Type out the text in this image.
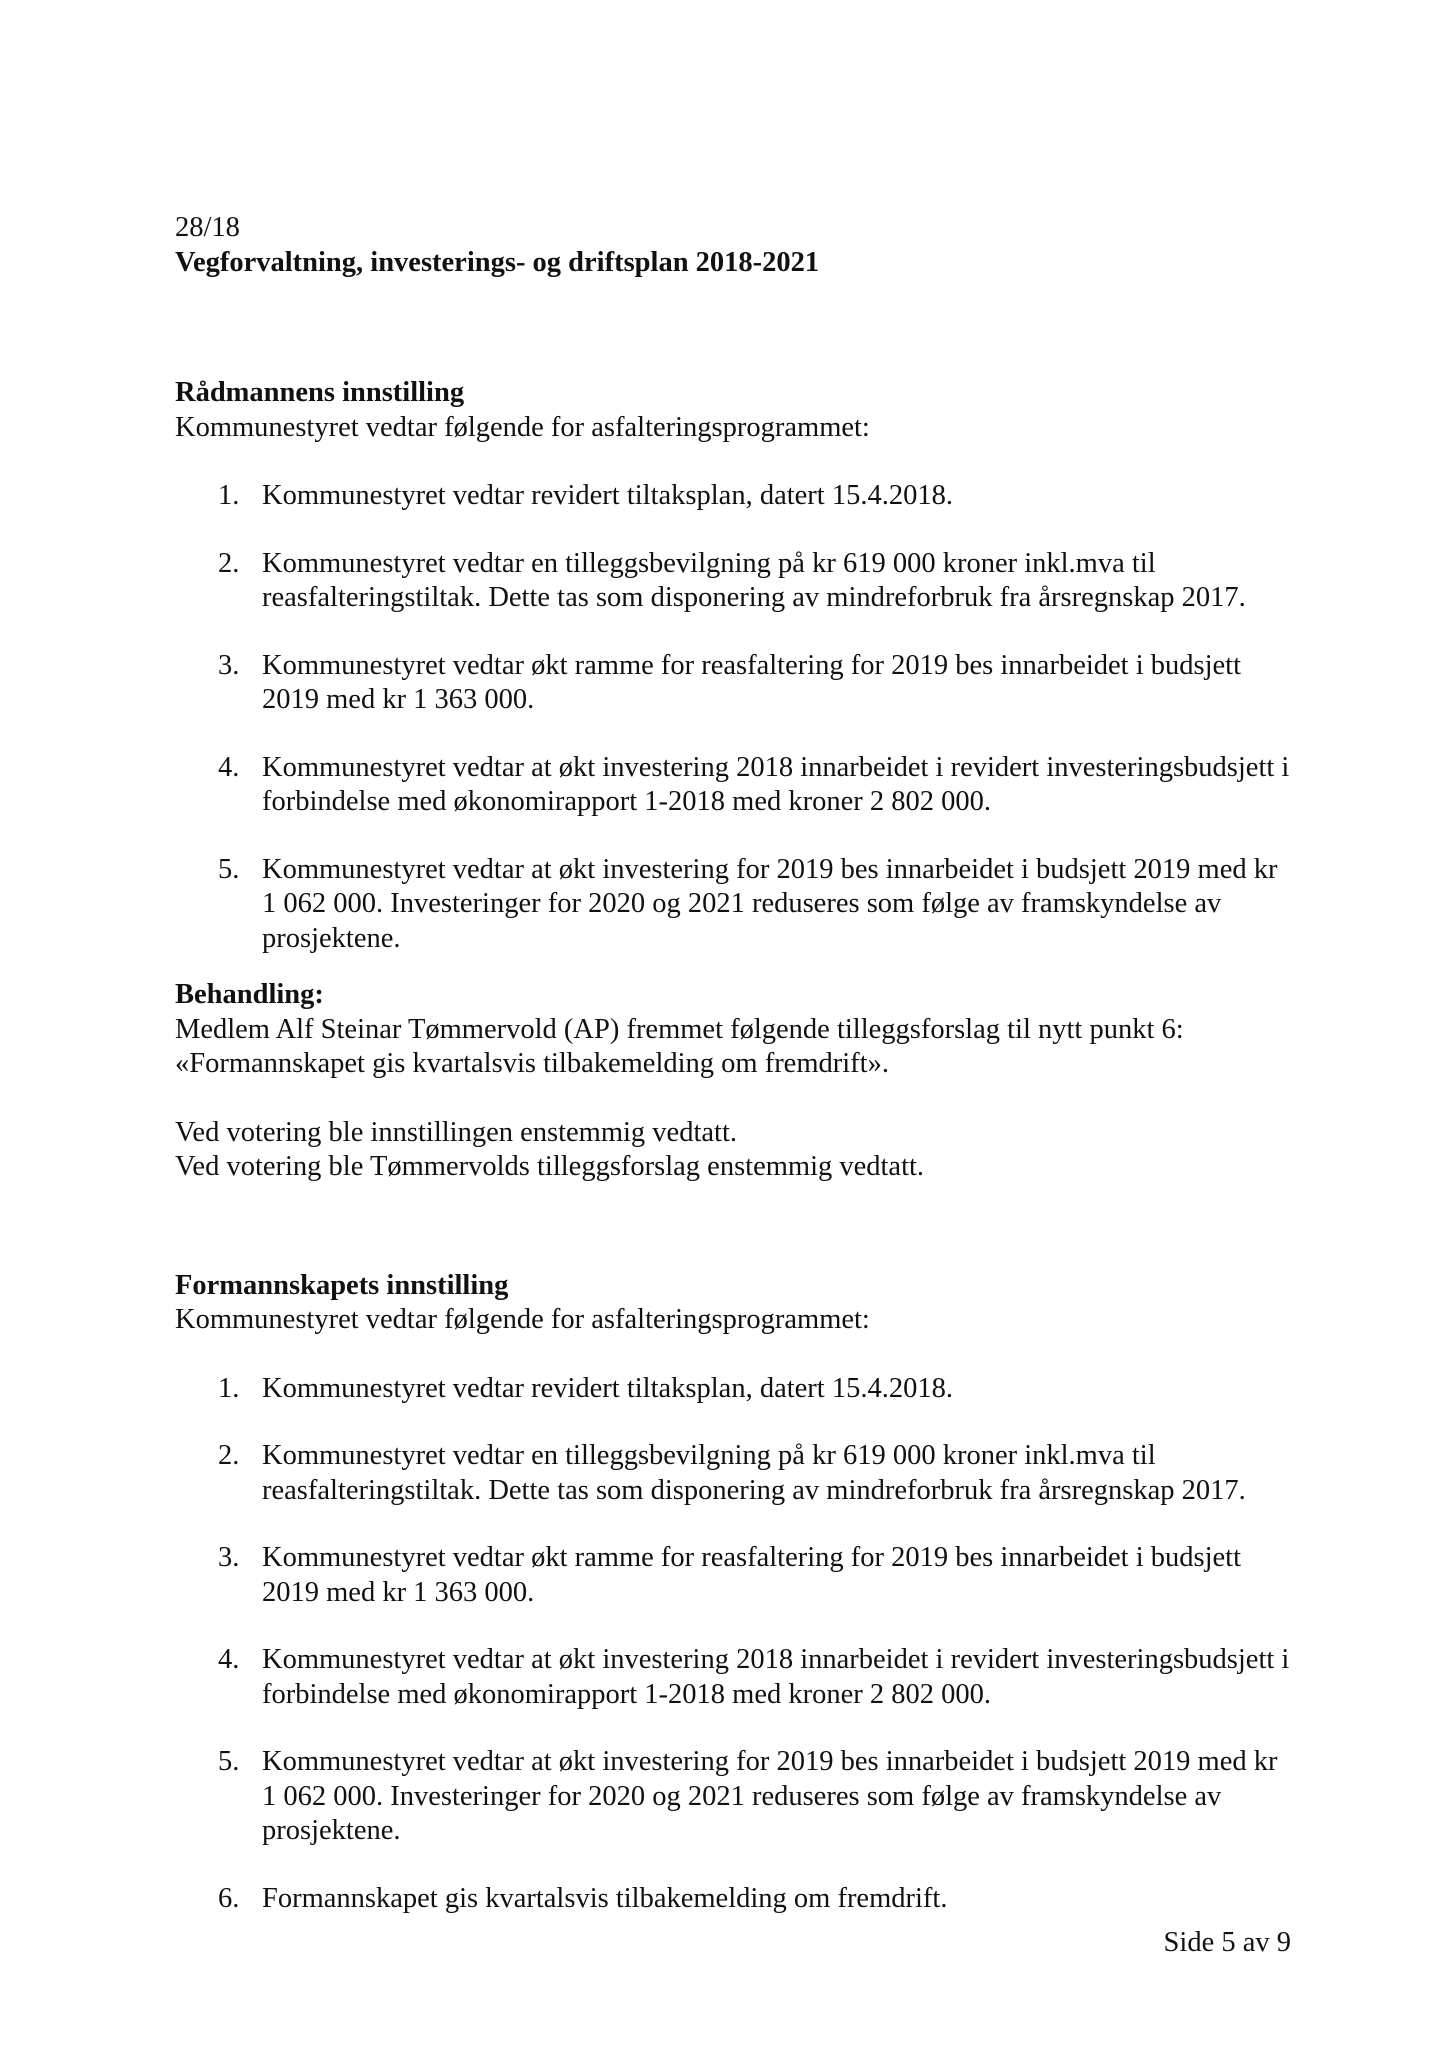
28/18

Vegforvaltning, investerings- og driftsplan 2018-2021

Rådmannens innstilling

Kommunestyret vedtar følgende for asfalteringsprogrammet:

1. Kommunestyret vedtar revidert tiltaksplan, datert 15.4.2018.
2. Kommunestyret vedtar en tilleggsbevilgning på kr 619 000 kroner inkl.mva til reasfalteringstiltak. Dette tas som disponering av mindreforbruk fra årsregnskap 2017.
3. Kommunestyret vedtar økt ramme for reasfaltering for 2019 bes innarbeidet i budsjett 2019 med kr 1 363 000.
4. Kommunestyret vedtar at økt investering 2018 innarbeidet i revidert investeringsbudsjett i forbindelse med økonomirapport 1-2018 med kroner 2 802 000.
5. Kommunestyret vedtar at økt investering for 2019 bes innarbeidet i budsjett 2019 med kr 1 062 000. Investeringer for 2020 og 2021 reduseres som følge av framskyndelse av prosjektene.

Behandling:

Medlem Alf Steinar Tømmervold (AP) fremmet følgende tilleggsforslag til nytt punkt 6:

«Formannskapet gis kvartalsvis tilbakemelding om fremdrift».

Ved votering ble innstillingen enstemmig vedtatt.

Ved votering ble Tømmervolds tilleggsforslag enstemmig vedtatt.

Formannskapets innstilling

Kommunestyret vedtar følgende for asfalteringsprogrammet:

1. Kommunestyret vedtar revidert tiltaksplan, datert 15.4.2018.
2. Kommunestyret vedtar en tilleggsbevilgning på kr 619 000 kroner inkl.mva til reasfalteringstiltak. Dette tas som disponering av mindreforbruk fra årsregnskap 2017.
3. Kommunestyret vedtar økt ramme for reasfaltering for 2019 bes innarbeidet i budsjett 2019 med kr 1 363 000.
4. Kommunestyret vedtar at økt investering 2018 innarbeidet i revidert investeringsbudsjett i forbindelse med økonomirapport 1-2018 med kroner 2 802 000.
5. Kommunestyret vedtar at økt investering for 2019 bes innarbeidet i budsjett 2019 med kr 1 062 000. Investeringer for 2020 og 2021 reduseres som følge av framskyndelse av prosjektene.
6. Formannskapet gis kvartalsvis tilbakemelding om fremdrift.
Side 5 av 9
